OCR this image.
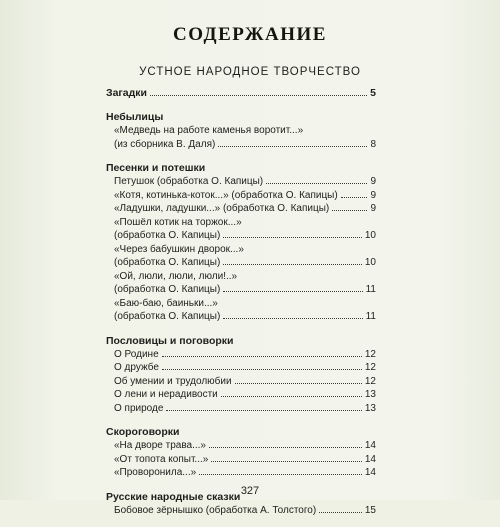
СОДЕРЖАНИЕ
УСТНОЕ НАРОДНОЕ ТВОРЧЕСТВО
Загадки	5
Небылицы
«Медведь на работе каменья воротит...»
(из сборника В. Даля)	8
Песенки и потешки
Петушок (обработка О. Капицы)	9
«Котя, котинька-коток...» (обработка О. Капицы)	9
«Ладушки, ладушки...» (обработка О. Капицы)	9
«Пошёл котик на торжок...»
(обработка О. Капицы)	10
«Через бабушкин дворок...»
(обработка О. Капицы)	10
«Ой, люли, люли, люли!..»
(обработка О. Капицы)	11
«Баю-баю, баиньки...»
(обработка О. Капицы)	11
Пословицы и поговорки
О Родине	12
О дружбе	12
Об умении и трудолюбии	12
О лени и нерадивости	13
О природе	13
Скороговорки
«На дворе трава...»	14
«От топота копыт...»	14
«Проворонила...»	14
Русские народные сказки
Бобовое зёрнышко (обработка А. Толстого)	15
327
